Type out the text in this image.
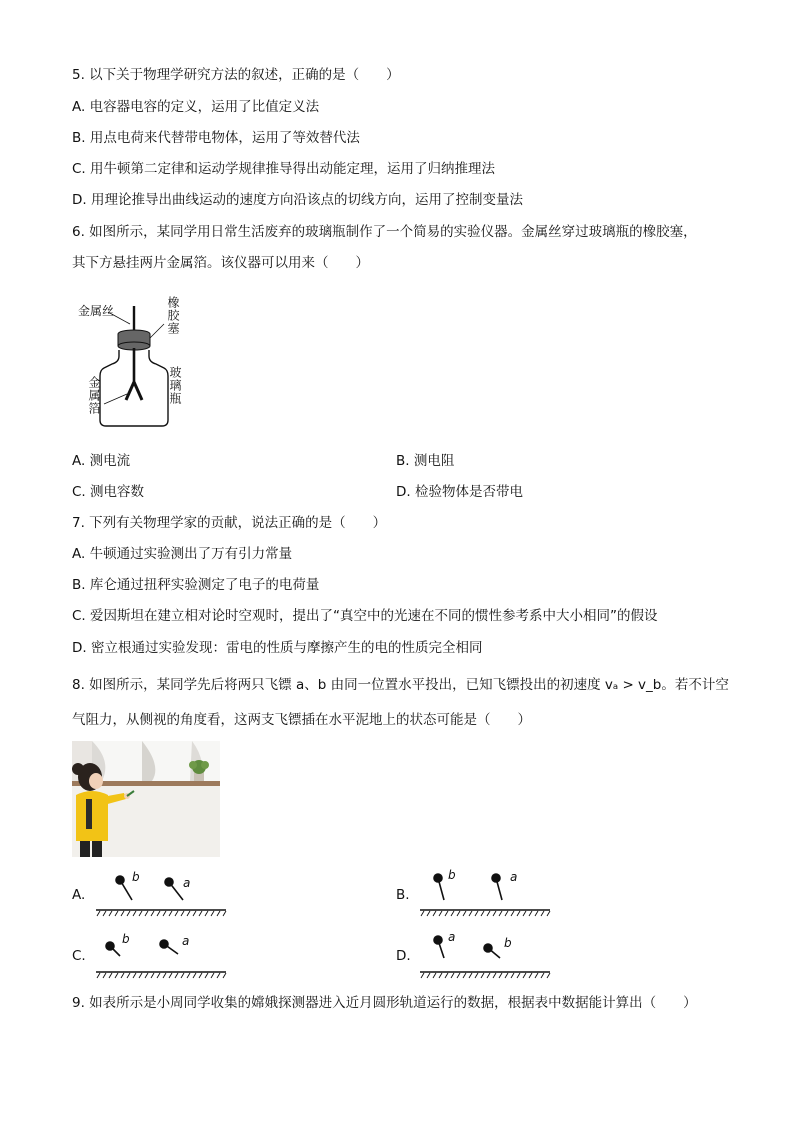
5. 以下关于物理学研究方法的叙述，正确的是（　　）
A. 电容器电容的定义，运用了比值定义法
B. 用点电荷来代替带电物体，运用了等效替代法
C. 用牛顿第二定律和运动学规律推导得出动能定理，运用了归纳推理法
D. 用理论推导出曲线运动的速度方向沿该点的切线方向，运用了控制变量法
6. 如图所示，某同学用日常生活废弃的玻璃瓶制作了一个简易的实验仪器。金属丝穿过玻璃瓶的橡胶塞，
其下方悬挂两片金属箔。该仪器可以用来（　　）
金属丝	橡胶塞
玻璃瓶
金属箔
A. 测电流	B. 测电阻
C. 测电容数	D. 检验物体是否带电
7. 下列有关物理学家的贡献，说法正确的是（　　）
A. 牛顿通过实验测出了万有引力常量
B. 库仑通过扭秤实验测定了电子的电荷量
C. 爱因斯坦在建立相对论时空观时，提出了“真空中的光速在不同的惯性参考系中大小相同”的假设
D. 密立根通过实验发现：雷电的性质与摩擦产生的电的性质完全相同
8. 如图所示，某同学先后将两只飞镖 a、b 由同一位置水平投出，已知飞镖投出的初速度 vₐ > v_b。若不计空
气阻力，从侧视的角度看，这两支飞镖插在水平泥地上的状态可能是（　　）
A.	B.
C.	D.
b	a
b	a
b	a	a	b
9. 如表所示是小周同学收集的嫦娥探测器进入近月圆形轨道运行的数据，根据表中数据能计算出（　　）
